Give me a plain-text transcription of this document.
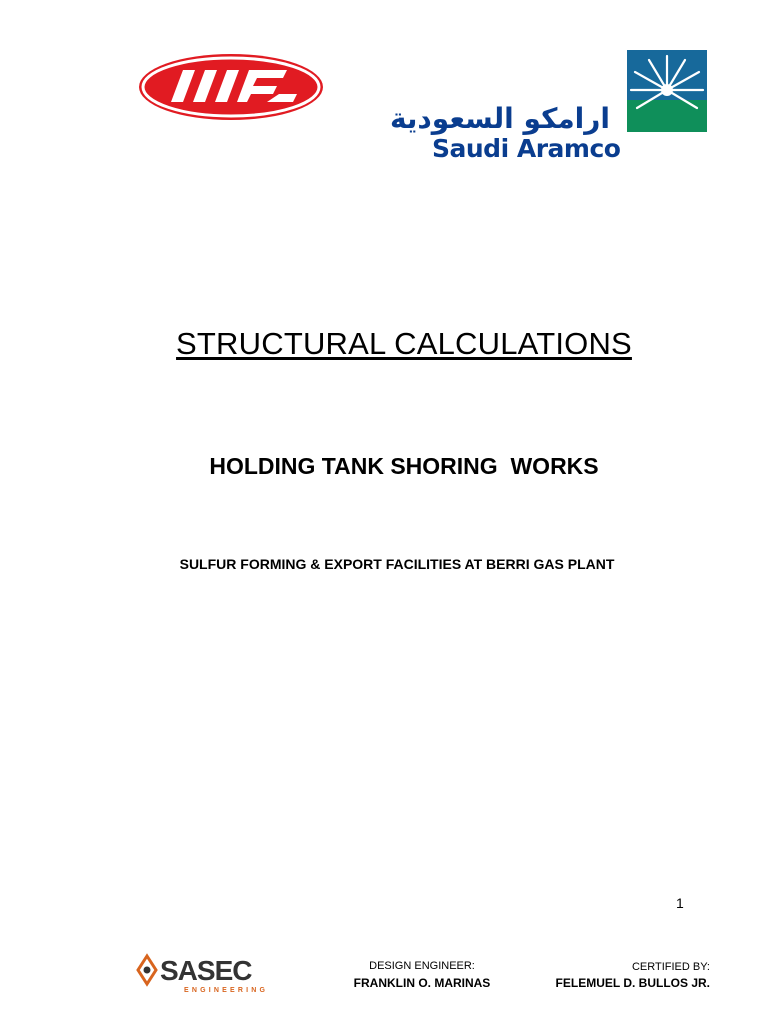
ارامكو السعودية
Saudi Aramco
STRUCTURAL CALCULATIONS
HOLDING TANK SHORING  WORKS
SULFUR FORMING & EXPORT FACILITIES AT BERRI GAS PLANT
1
SASEC
ENGINEERING
DESIGN ENGINEER:
FRANKLIN O. MARINAS
CERTIFIED BY:
FELEMUEL D. BULLOS JR.
